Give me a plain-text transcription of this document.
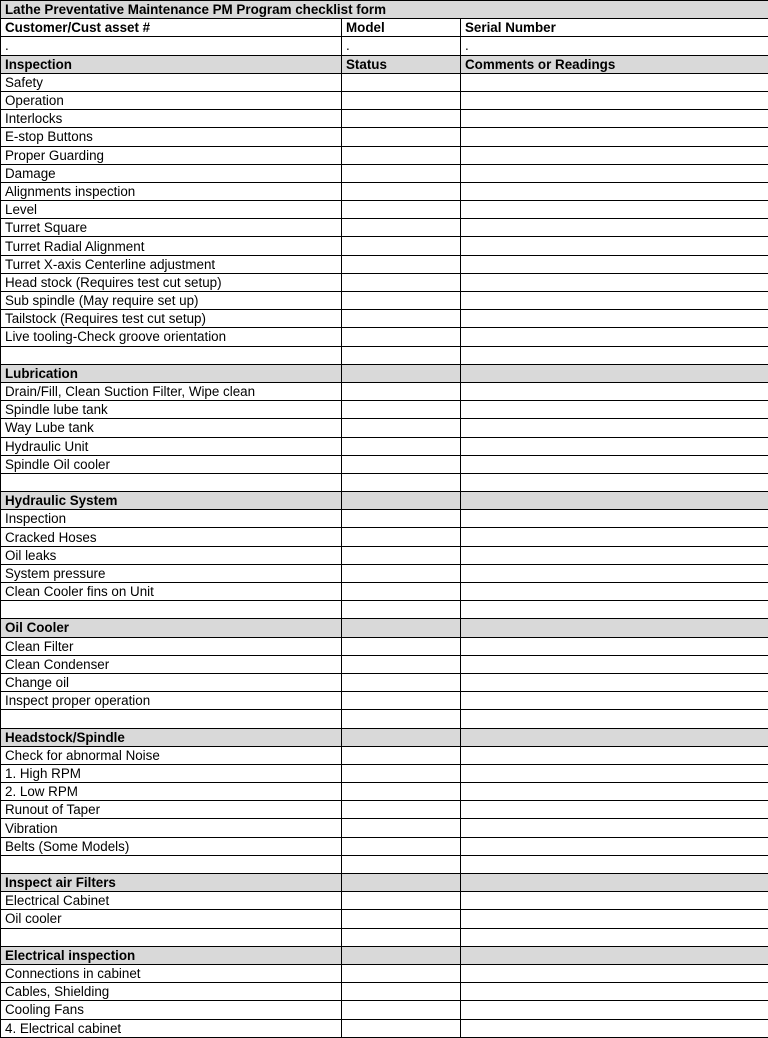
Lathe Preventative Maintenance PM Program checklist form		
Customer/Cust asset #	Model	Serial Number
.	.	.
Inspection	Status	Comments or Readings
Safety		
Operation		
Interlocks		
E-stop Buttons		
Proper Guarding		
Damage		
Alignments inspection		
Level		
Turret Square		
Turret Radial Alignment		
Turret X-axis Centerline adjustment		
Head stock (Requires test cut setup)		
Sub spindle (May require set up)		
Tailstock (Requires test cut setup)		
Live tooling-Check groove orientation		

Lubrication		
Drain/Fill, Clean Suction Filter, Wipe clean		
Spindle lube tank		
Way Lube tank		
Hydraulic Unit		
Spindle Oil cooler		

Hydraulic System		
Inspection		
Cracked Hoses		
Oil leaks		
System pressure		
Clean Cooler fins on Unit		

Oil Cooler		
Clean Filter		
Clean Condenser		
Change oil		
Inspect proper operation		

Headstock/Spindle		
Check for abnormal Noise		
1. High RPM		
2. Low RPM		
Runout of Taper		
Vibration		
Belts (Some Models)		

Inspect air Filters		
Electrical Cabinet		
Oil cooler		

Electrical inspection		
Connections in cabinet		
Cables, Shielding		
Cooling Fans		
4. Electrical cabinet		
